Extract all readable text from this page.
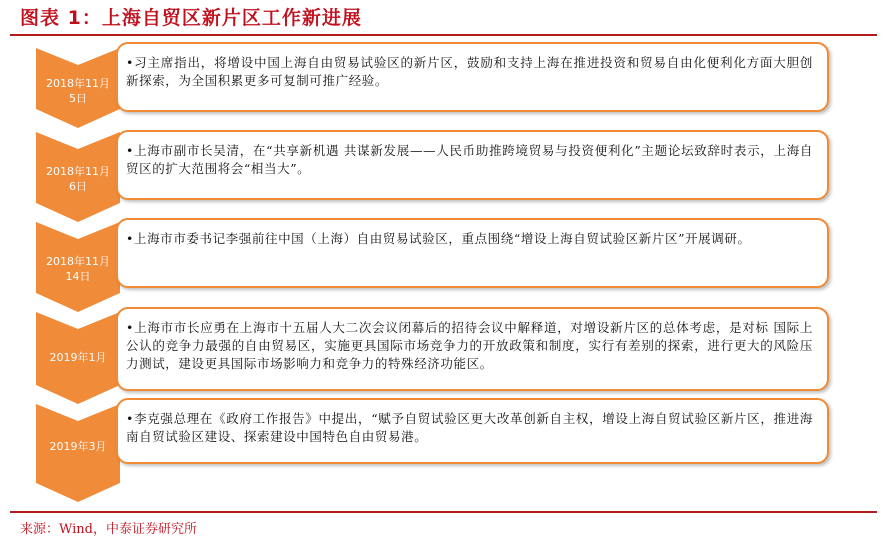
图表 1：上海自贸区新片区工作新进展
2018年11月
5日
•习主席指出，将增设中国上海自由贸易试验区的新片区，鼓励和支持上海在推进投资和贸易自由化便利化方面大胆创新探索，为全国积累更多可复制可推广经验。
2018年11月
6日
•上海市副市长吴清，在“共享新机遇 共谋新发展——人民币助推跨境贸易与投资便利化”主题论坛致辞时表示，上海自贸区的扩大范围将会“相当大”。
2018年11月
14日
•上海市市委书记李强前往中国（上海）自由贸易试验区，重点围绕“增设上海自贸试验区新片区”开展调研。
2019年1月
•上海市市长应勇在上海市十五届人大二次会议闭幕后的招待会议中解释道，对增设新片区的总体考虑，是对标 国际上公认的竞争力最强的自由贸易区，实施更具国际市场竞争力的开放政策和制度，实行有差别的探索，进行更大的风险压力测试，建设更具国际市场影响力和竞争力的特殊经济功能区。
2019年3月
•李克强总理在《政府工作报告》中提出，“赋予自贸试验区更大改革创新自主权，增设上海自贸试验区新片区，推进海南自贸试验区建设、探索建设中国特色自由贸易港。
来源：Wind，中泰证券研究所
